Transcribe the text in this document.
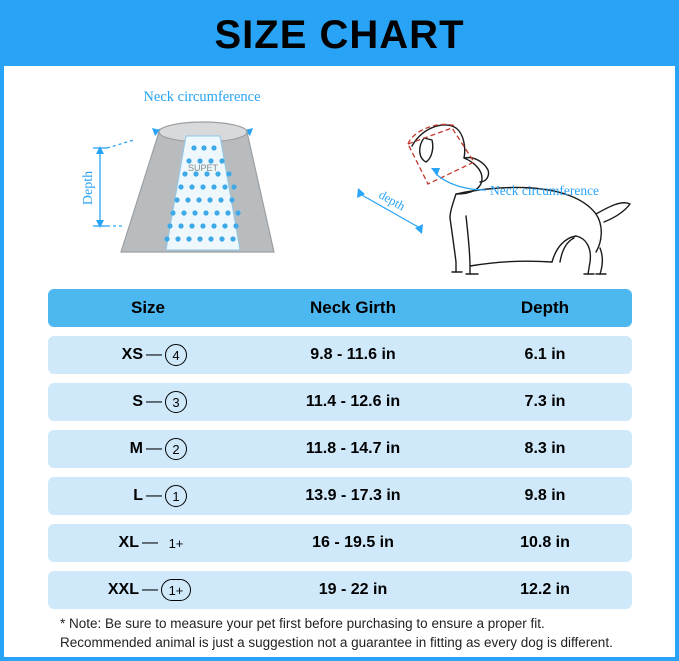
SIZE CHART
Neck circumference
Depth
SUPET
Neck circumference
depth
Size	Neck Girth	Depth
XS — 4	9.8 - 11.6 in	6.1 in
S — 3	11.4 - 12.6 in	7.3 in
M — 2	11.8 - 14.7 in	8.3 in
L — 1	13.9 - 17.3 in	9.8 in
XL — 1+	16 - 19.5 in	10.8 in
XXL — 1+	19 - 22 in	12.2 in
* Note: Be sure to measure your pet first before purchasing to ensure a proper fit.
Recommended animal is just a suggestion not a guarantee in fitting as every dog is different.
